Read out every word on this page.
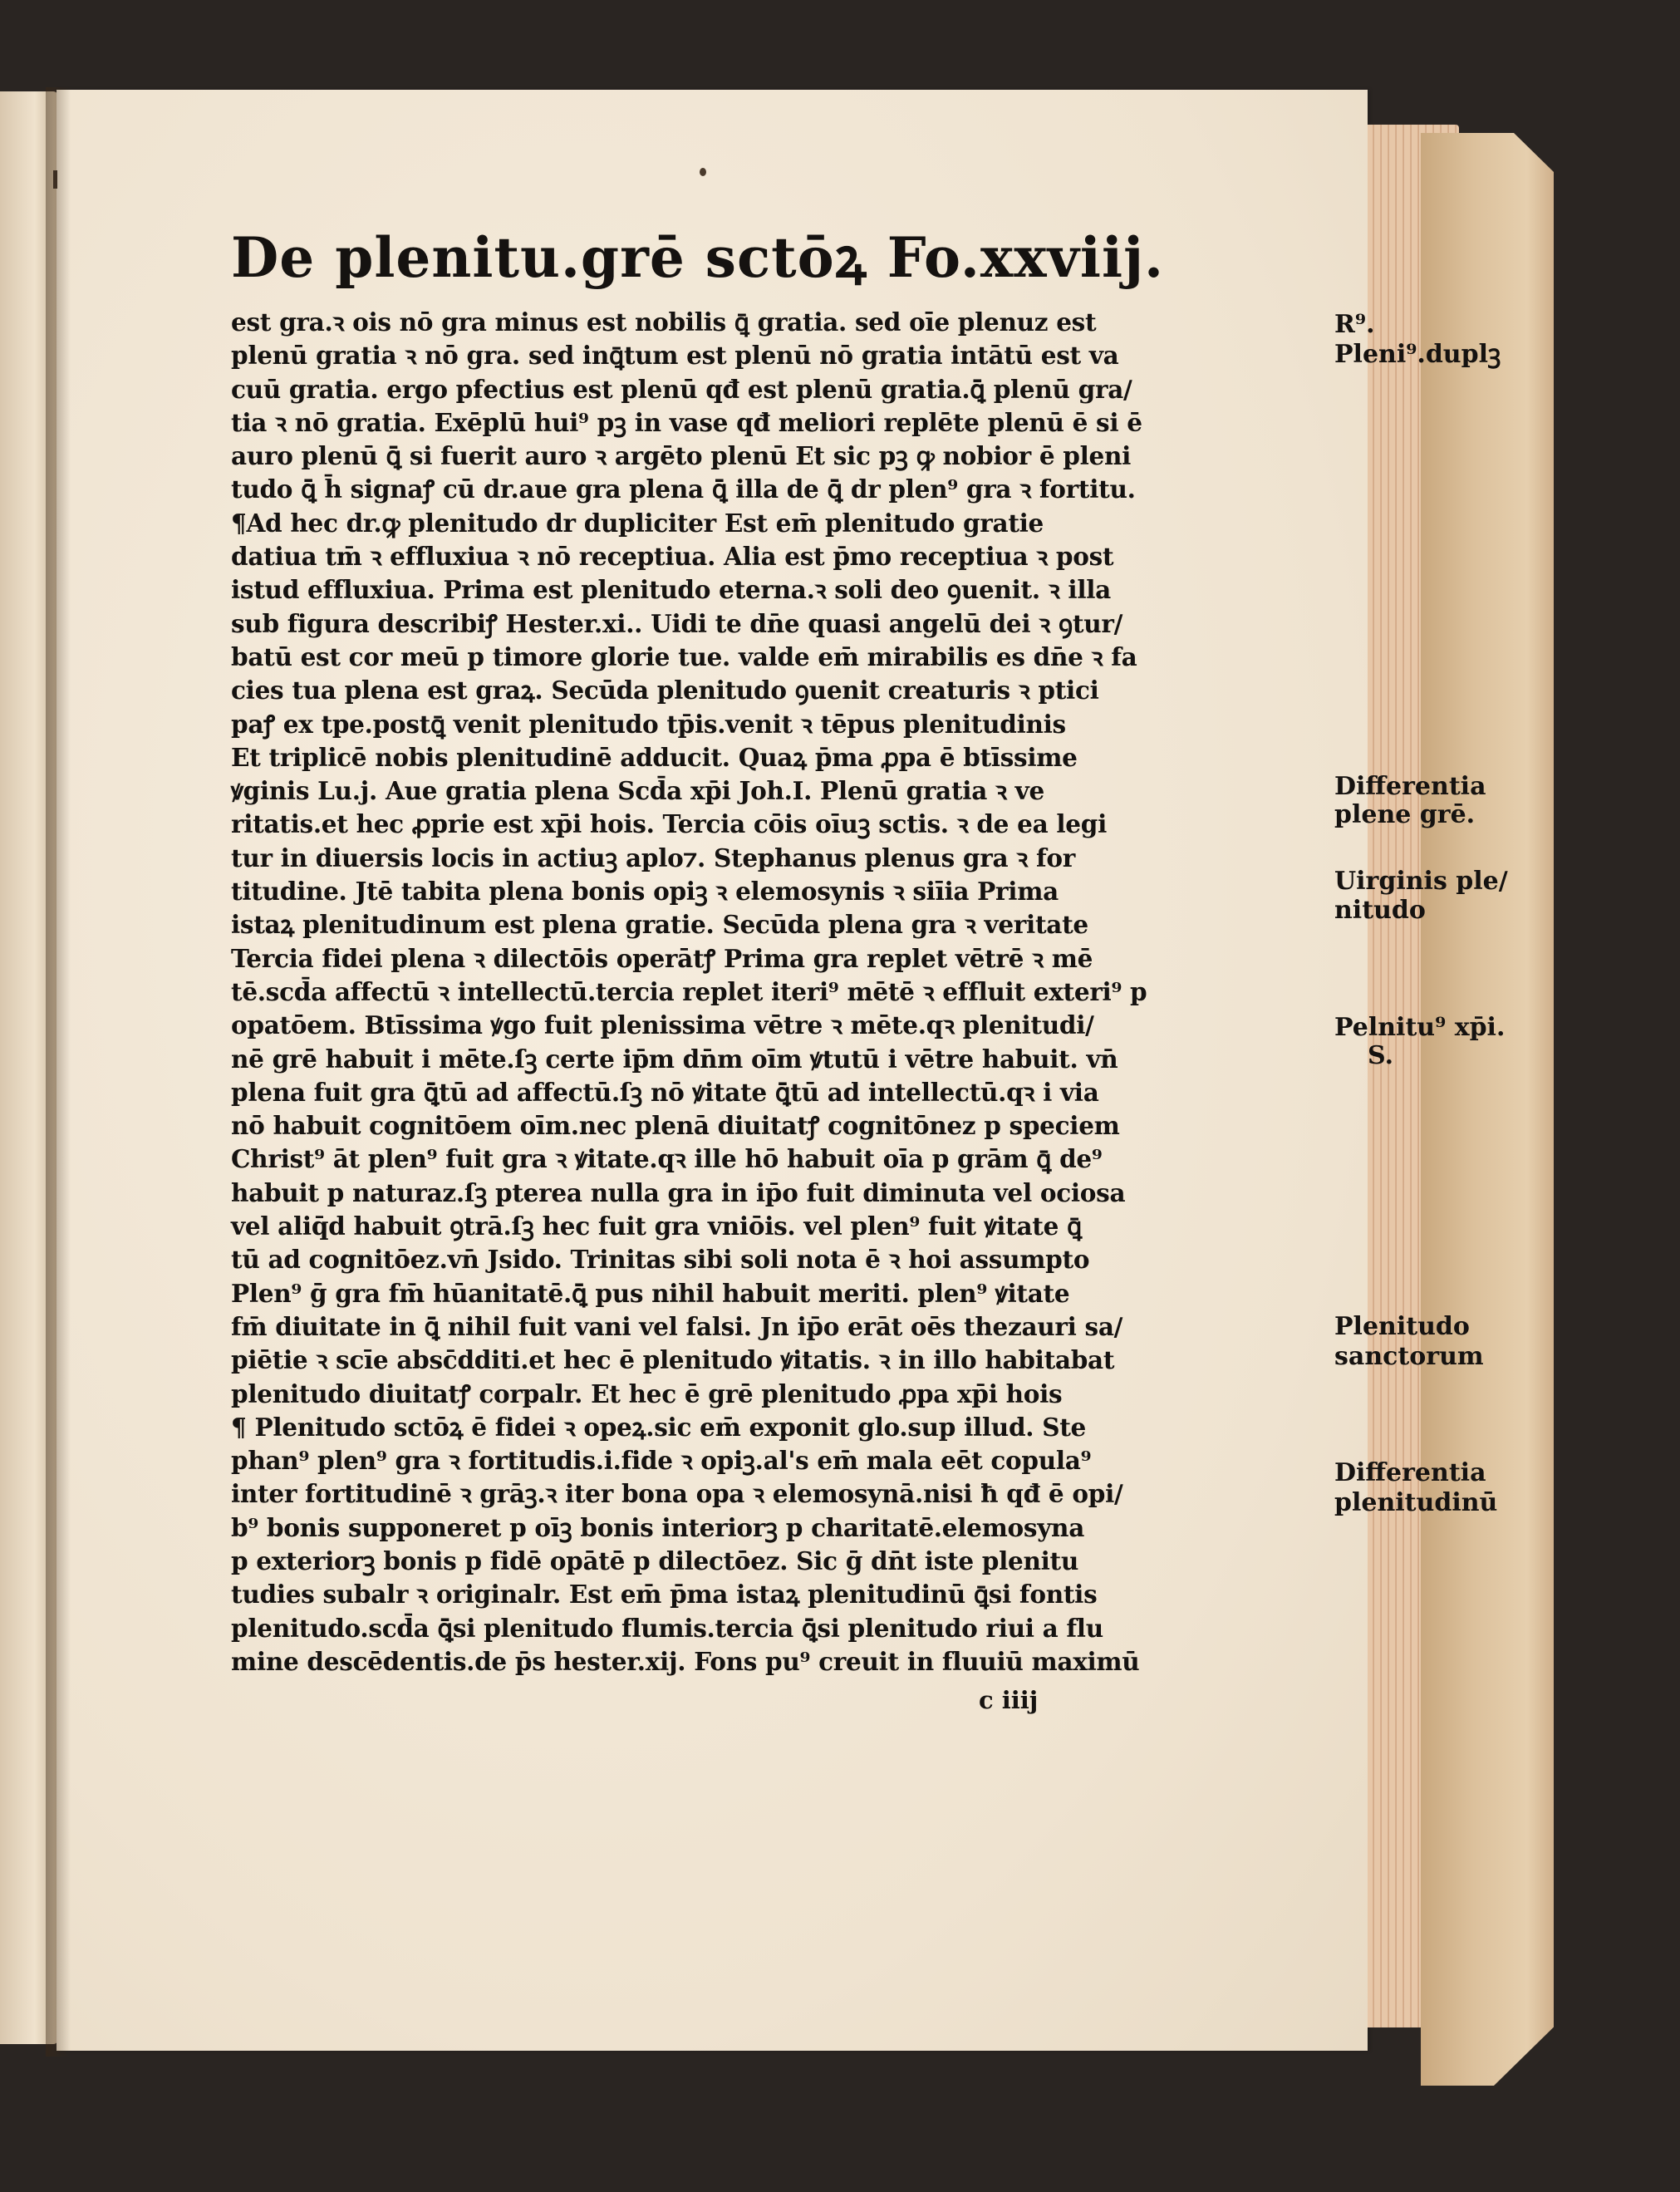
De plenitu.grē sctōꝝ Fo.xxviij.
est gra.ꝛ ois nō gra minus est nobilis ꝗ̄ gratia. sed oīe plenuz est
plenū gratia ꝛ nō gra. sed inꝗ̄tum est plenū nō gratia intātū est va
cuū gratia. ergo pfectius est plenū qđ est plenū gratia.ꝗ̄ plenū gra/
tia ꝛ nō gratia. Exēplū hui⁹ pꝫ in vase qđ meliori replēte plenū ē si ē
auro plenū ꝗ̄ si fuerit auro ꝛ argēto plenū Et sic pꝫ ꝙ nobior ē pleni
tudo ꝗ̄ h̄ signaꝭ cū dr.aue gra plena ꝗ̄ illa de ꝗ̄ dr plen⁹ gra ꝛ fortitu.
¶Ad hec dr.ꝙ plenitudo dr dupliciter Est em̄ plenitudo gratie
datiua tm̄ ꝛ effluxiua ꝛ nō receptiua. Alia est p̄mo receptiua ꝛ post
istud effluxiua. Prima est plenitudo eterna.ꝛ soli deo ꝯuenit. ꝛ illa
sub figura describiꝭ Hester.xi.. Uidi te dn̄e quasi angelū dei ꝛ ꝯtur/
batū est cor meū p timore glorie tue. valde em̄ mirabilis es dn̄e ꝛ fa
cies tua plena est graꝝ. Secūda plenitudo ꝯuenit creaturis ꝛ ptici
paꝭ ex tpe.postꝗ̄ venit plenitudo tp̄is.venit ꝛ tēpus plenitudinis
Et triplicē nobis plenitudinē adducit. Quaꝝ p̄ma ꝓpa ē btīssime
ꝟginis Lu.j. Aue gratia plena Scd̄a xp̄i Joh.I. Plenū gratia ꝛ ve
ritatis.et hec ꝓprie est xp̄i hois. Tercia cōis oīuꝫ sctis. ꝛ de ea legi
tur in diuersis locis in actiuꝫ aplo⁊. Stephanus plenus gra ꝛ for
titudine. Jtē tabita plena bonis opiꝫ ꝛ elemosynis ꝛ siīia Prima
istaꝝ plenitudinum est plena gratie. Secūda plena gra ꝛ veritate
Tercia fidei plena ꝛ dilectōis operātꝭ Prima gra replet vētrē ꝛ mē
tē.scd̄a affectū ꝛ intellectū.tercia replet iteri⁹ mētē ꝛ effluit exteri⁹ p
opatōem. Btīssima ꝟgo fuit plenissima vētre ꝛ mēte.qꝛ plenitudi/
nē grē habuit i mēte.ſꝫ certe ip̄m dn̄m oīm ꝟtutū i vētre habuit. vn̄
plena fuit gra ꝗ̄tū ad affectū.ſꝫ nō ꝟitate ꝗ̄tū ad intellectū.qꝛ i via
nō habuit cognitōem oīm.nec plenā diuitatꝭ cognitōnez p speciem
Christ⁹ āt plen⁹ fuit gra ꝛ ꝟitate.qꝛ ille hō habuit oīa p grām ꝗ̄ de⁹
habuit p naturaz.ſꝫ pterea nulla gra in ip̄o fuit diminuta vel ociosa
vel aliq̄d habuit ꝯtrā.ſꝫ hec fuit gra vniōis. vel plen⁹ fuit ꝟitate ꝗ̄
tū ad cognitōez.vn̄ Jsido. Trinitas sibi soli nota ē ꝛ hoi assumpto
Plen⁹ ḡ gra fm̄ hūanitatē.ꝗ̄ pus nihil habuit meriti. plen⁹ ꝟitate
fm̄ diuitate in ꝗ̄ nihil fuit vani vel falsi. Jn ip̄o erāt oēs thezauri sa/
piētie ꝛ scīe absc̄dditi.et hec ē plenitudo ꝟitatis. ꝛ in illo habitabat
plenitudo diuitatꝭ corpalr. Et hec ē grē plenitudo ꝓpa xp̄i hois
¶ Plenitudo sctōꝝ ē fidei ꝛ opeꝝ.sic em̄ exponit glo.sup illud. Ste
phan⁹ plen⁹ gra ꝛ fortitudis.i.fide ꝛ opiꝫ.al's em̄ mala eēt copula⁹
inter fortitudinē ꝛ grāꝫ.ꝛ iter bona opa ꝛ elemosynā.nisi ħ qđ ē opi/
b⁹ bonis supponeret p oīꝫ bonis interiorꝫ p charitatē.elemosyna
p exteriorꝫ bonis p fidē opātē p dilectōez. Sic ḡ dn̄t iste plenitu
tudies subalr ꝛ originalr. Est em̄ p̄ma istaꝝ plenitudinū ꝗ̄si fontis
plenitudo.scd̄a ꝗ̄si plenitudo flumis.tercia ꝗ̄si plenitudo riui a flu
mine descēdentis.de p̄s hester.xij. Fons pu⁹ creuit in fluuiū maximū
c iiij
R⁹.
Pleni⁹.duplꝫ
Differentia
plene grē.
Uirginis ple/
nitudo
Pelnitu⁹ xp̄i.
S.
Plenitudo
sanctorum
Differentia
plenitudinū
